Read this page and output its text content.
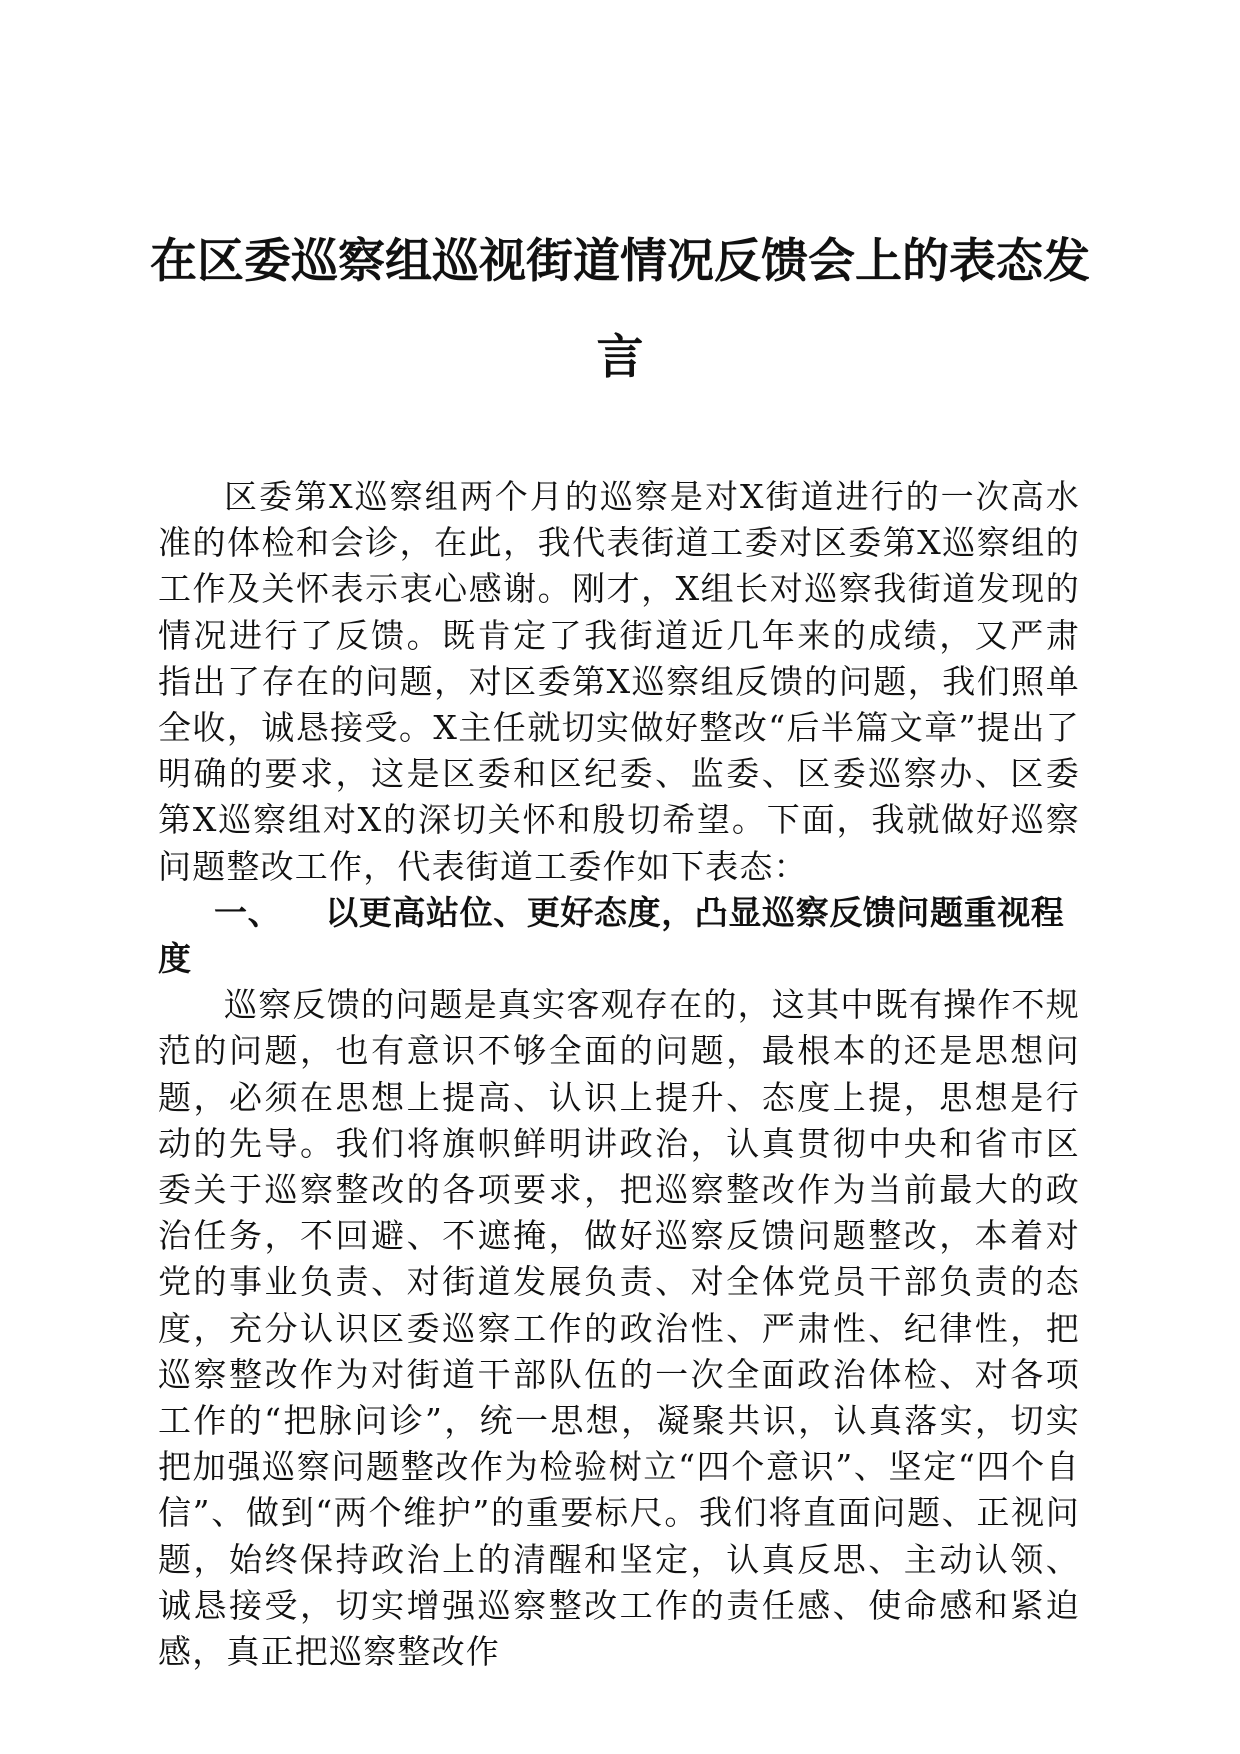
在区委巡察组巡视街道情况反馈会上的表态发言

区委第X巡察组两个月的巡察是对X街道进行的一次高水准的体检和会诊，在此，我代表街道工委对区委第X巡察组的工作及关怀表示衷心感谢。刚才，X组长对巡察我街道发现的情况进行了反馈。既肯定了我街道近几年来的成绩，又严肃指出了存在的问题，对区委第X巡察组反馈的问题，我们照单全收，诚恳接受。X主任就切实做好整改“后半篇文章”提出了明确的要求，这是区委和区纪委、监委、区委巡察办、区委第X巡察组对X的深切关怀和殷切希望。下面，我就做好巡察问题整改工作，代表街道工委作如下表态：

一、 以更高站位、更好态度，凸显巡察反馈问题重视程度

巡察反馈的问题是真实客观存在的，这其中既有操作不规范的问题，也有意识不够全面的问题，最根本的还是思想问题，必须在思想上提高、认识上提升、态度上提，思想是行动的先导。我们将旗帜鲜明讲政治，认真贯彻中央和省市区委关于巡察整改的各项要求，把巡察整改作为当前最大的政治任务，不回避、不遮掩，做好巡察反馈问题整改，本着对党的事业负责、对街道发展负责、对全体党员干部负责的态度，充分认识区委巡察工作的政治性、严肃性、纪律性，把巡察整改作为对街道干部队伍的一次全面政治体检、对各项工作的“把脉问诊”，统一思想，凝聚共识，认真落实，切实把加强巡察问题整改作为检验树立“四个意识”、坚定“四个自信”、做到“两个维护”的重要标尺。我们将直面问题、正视问题，始终保持政治上的清醒和坚定，认真反思、主动认领、诚恳接受，切实增强巡察整改工作的责任感、使命感和紧迫感，真正把巡察整改作
